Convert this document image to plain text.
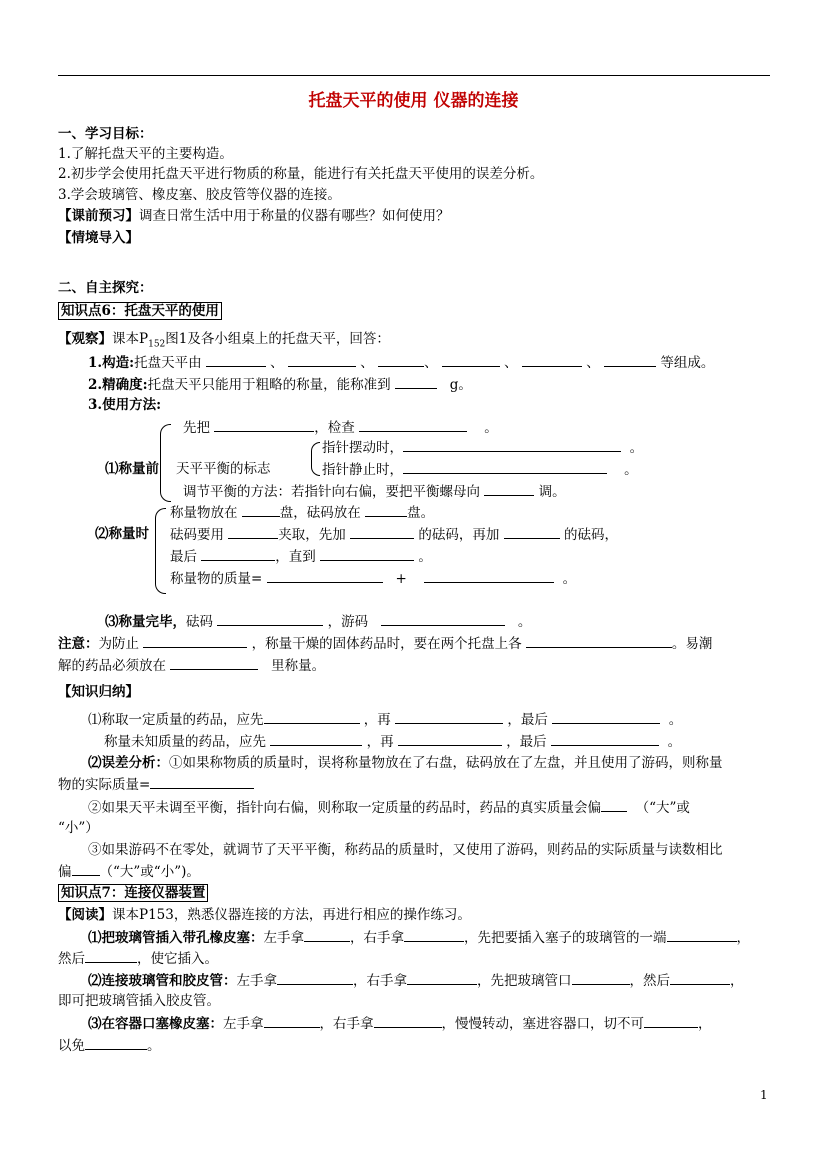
托盘天平的使用 仪器的连接
一、学习目标：
1.了解托盘天平的主要构造。
2.初步学会使用托盘天平进行物质的称量，能进行有关托盘天平使用的误差分析。
3.学会玻璃管、橡皮塞、胶皮管等仪器的连接。
【课前预习】调查日常生活中用于称量的仪器有哪些？如何使用？
【情境导入】
二、自主探究：
知识点6：托盘天平的使用
【观察】课本$P_{152}$图1及各小组桌上的托盘天平，回答：
1.构造:托盘天平由	、	、	、	、	、	等组成。
2.精确度:托盘天平只能用于粗略的称量，能称准到	g。
3.使用方法:
⑴称量前
先把	，检查	。
天平平衡的标志
指针摆动时，	。
指针静止时，	。
调节平衡的方法：若指针向右偏，要把平衡螺母向	调。
⑵称量时
称量物放在	盘，砝码放在	盘。
砝码要用	夹取，先加	的砝码，再加	的砝码，
最后	，直到	。
称量物的质量=	+	。
⑶称量完毕，砝码	，游码	。
注意：为防止	，称量干燥的固体药品时，要在两个托盘上各	。易潮
解的药品必须放在	里称量。
【知识归纳】
⑴称取一定质量的药品，应先	，再	，最后	。
称量未知质量的药品，应先	，再	，最后	。
⑵误差分析：①如果称物质的质量时，误将称量物放在了右盘，砝码放在了左盘，并且使用了游码，则称量
物的实际质量=
②如果天平未调至平衡，指针向右偏，则称取一定质量的药品时，药品的真实质量会偏	（“大”或
“小”）
③如果游码不在零处，就调节了天平平衡，称药品的质量时，又使用了游码，则药品的实际质量与读数相比
偏 （“大”或“小”)。
知识点7：连接仪器装置
【阅读】课本P153，熟悉仪器连接的方法，再进行相应的操作练习。
⑴把玻璃管插入带孔橡皮塞：左手拿	，右手拿	，先把要插入塞子的玻璃管的一端	，
然后	，使它插入。
⑵连接玻璃管和胶皮管：左手拿	，右手拿	，先把玻璃管口	，然后	，
即可把玻璃管插入胶皮管。
⑶在容器口塞橡皮塞：左手拿	，右手拿	，慢慢转动，塞进容器口，切不可	，
以免	。
1
